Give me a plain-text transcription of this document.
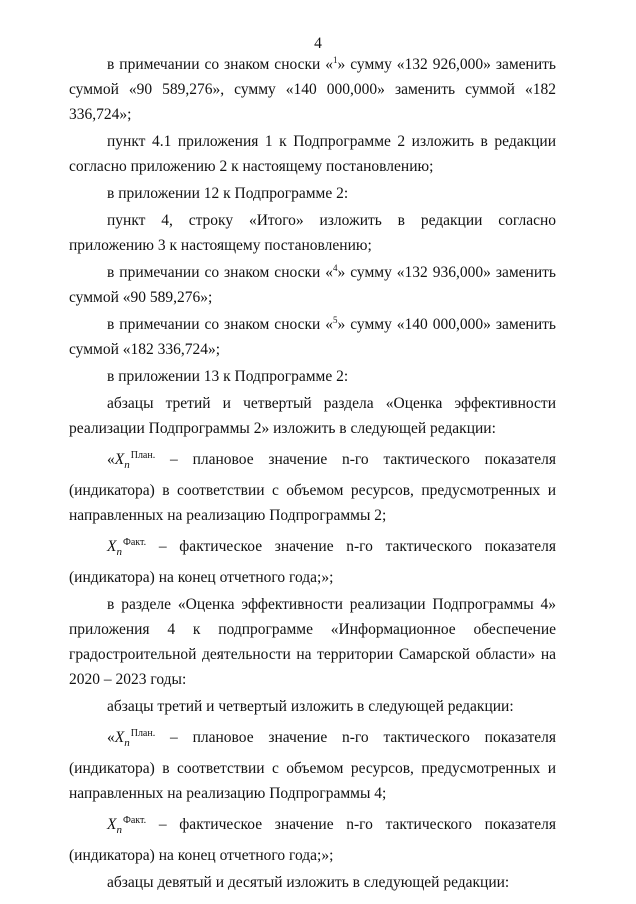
4

в примечании со знаком сноски «$^1$» сумму «132 926,000» заменить суммой «90 589,276», сумму «140 000,000» заменить суммой «182 336,724»;

пункт 4.1 приложения 1 к Подпрограмме 2 изложить в редакции согласно приложению 2 к настоящему постановлению;

в приложении 12 к Подпрограмме 2:

пункт 4, строку «Итого» изложить в редакции согласно приложению 3 к настоящему постановлению;

в примечании со знаком сноски «$^4$» сумму «132 936,000» заменить суммой «90 589,276»;

в примечании со знаком сноски «$^5$» сумму «140 000,000» заменить суммой «182 336,724»;

в приложении 13 к Подпрограмме 2:

абзацы третий и четвертый раздела «Оценка эффективности реализации Подпрограммы 2» изложить в следующей редакции:

«$X_n^{План.}$ – плановое значение n-го тактического показателя (индикатора) в соответствии с объемом ресурсов, предусмотренных и направленных на реализацию Подпрограммы 2;

$X_n^{Факт.}$ – фактическое значение n-го тактического показателя (индикатора) на конец отчетного года;»;

в разделе «Оценка эффективности реализации Подпрограммы 4» приложения 4 к подпрограмме «Информационное обеспечение градостроительной деятельности на территории Самарской области» на 2020 – 2023 годы:

абзацы третий и четвертый изложить в следующей редакции:

«$X_n^{План.}$ – плановое значение n-го тактического показателя (индикатора) в соответствии с объемом ресурсов, предусмотренных и направленных на реализацию Подпрограммы 4;

$X_n^{Факт.}$ – фактическое значение n-го тактического показателя (индикатора) на конец отчетного года;»;

абзацы девятый и десятый изложить в следующей редакции:
